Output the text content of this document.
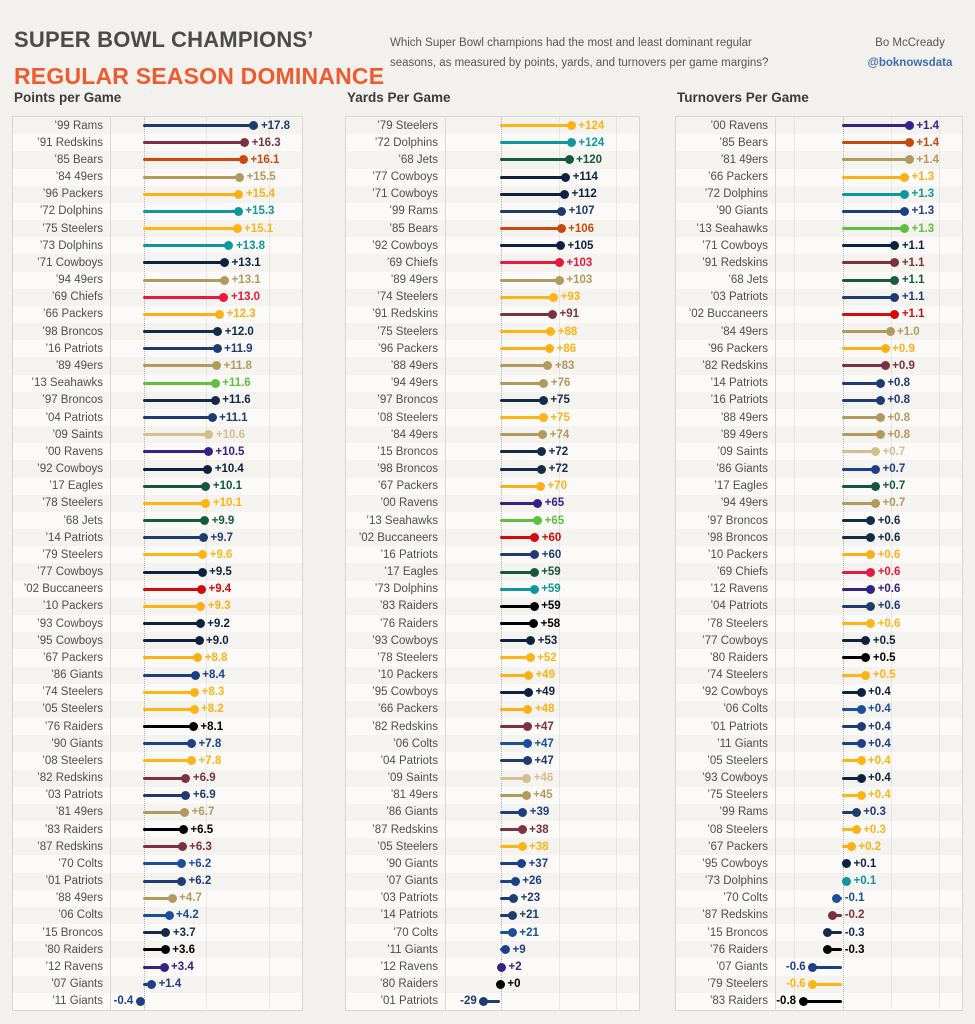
SUPER BOWL CHAMPIONS’
REGULAR SEASON DOMINANCE
Which Super Bowl champions had the most and least dominant regular
seasons, as measured by points, yards, and turnovers per game margins?
Bo McCready
@boknowsdata
Points per Game
’99 Rams	+17.8
’91 Redskins	+16.3
’85 Bears	+16.1
’84 49ers	+15.5
’96 Packers	+15.4
’72 Dolphins	+15.3
’75 Steelers	+15.1
’73 Dolphins	+13.8
’71 Cowboys	+13.1
’94 49ers	+13.1
’69 Chiefs	+13.0
’66 Packers	+12.3
’98 Broncos	+12.0
’16 Patriots	+11.9
’89 49ers	+11.8
’13 Seahawks	+11.6
’97 Broncos	+11.6
’04 Patriots	+11.1
’09 Saints	+10.6
’00 Ravens	+10.5
’92 Cowboys	+10.4
’17 Eagles	+10.1
’78 Steelers	+10.1
’68 Jets	+9.9
’14 Patriots	+9.7
’79 Steelers	+9.6
’77 Cowboys	+9.5
’02 Buccaneers	+9.4
’10 Packers	+9.3
’93 Cowboys	+9.2
’95 Cowboys	+9.0
’67 Packers	+8.8
’86 Giants	+8.4
’74 Steelers	+8.3
’05 Steelers	+8.2
’76 Raiders	+8.1
’90 Giants	+7.8
’08 Steelers	+7.8
’82 Redskins	+6.9
’03 Patriots	+6.9
’81 49ers	+6.7
’83 Raiders	+6.5
’87 Redskins	+6.3
’70 Colts	+6.2
’01 Patriots	+6.2
’88 49ers	+4.7
’06 Colts	+4.2
’15 Broncos	+3.7
’80 Raiders	+3.6
’12 Ravens	+3.4
’07 Giants	+1.4
’11 Giants -0.4
Yards Per Game
’79 Steelers	+124
’72 Dolphins	+124
’68 Jets	+120
’77 Cowboys	+114
’71 Cowboys	+112
’99 Rams	+107
’85 Bears	+106
’92 Cowboys	+105
’69 Chiefs	+103
’89 49ers	+103
’74 Steelers	+93
’91 Redskins	+91
’75 Steelers	+88
’96 Packers	+86
’88 49ers	+83
’94 49ers	+76
’97 Broncos	+75
’08 Steelers	+75
’84 49ers	+74
’15 Broncos	+72
’98 Broncos	+72
’67 Packers	+70
’00 Ravens	+65
’13 Seahawks	+65
’02 Buccaneers	+60
’16 Patriots	+60
’17 Eagles	+59
’73 Dolphins	+59
’83 Raiders	+59
’76 Raiders	+58
’93 Cowboys	+53
’78 Steelers	+52
’10 Packers	+49
’95 Cowboys	+49
’66 Packers	+48
’82 Redskins	+47
’06 Colts	+47
’04 Patriots	+47
’09 Saints	+46
’81 49ers	+45
’86 Giants	+39
’87 Redskins	+38
’05 Steelers	+38
’90 Giants	+37
’07 Giants	+26
’03 Patriots	+23
’14 Patriots	+21
’70 Colts	+21
’11 Giants	+9
’12 Ravens	+2
’80 Raiders	+0
’01 Patriots	-29
Turnovers Per Game
’00 Ravens	+1.4
’85 Bears	+1.4
’81 49ers	+1.4
’66 Packers	+1.3
’72 Dolphins	+1.3
’90 Giants	+1.3
’13 Seahawks	+1.3
’71 Cowboys	+1.1
’91 Redskins	+1.1
’68 Jets	+1.1
’03 Patriots	+1.1
’02 Buccaneers	+1.1
’84 49ers	+1.0
’96 Packers	+0.9
’82 Redskins	+0.9
’14 Patriots	+0.8
’16 Patriots	+0.8
’88 49ers	+0.8
’89 49ers	+0.8
’09 Saints	+0.7
’86 Giants	+0.7
’17 Eagles	+0.7
’94 49ers	+0.7
’97 Broncos	+0.6
’98 Broncos	+0.6
’10 Packers	+0.6
’69 Chiefs	+0.6
’12 Ravens	+0.6
’04 Patriots	+0.6
’78 Steelers	+0.6
’77 Cowboys	+0.5
’80 Raiders	+0.5
’74 Steelers	+0.5
’92 Cowboys	+0.4
’06 Colts	+0.4
’01 Patriots	+0.4
’11 Giants	+0.4
’05 Steelers	+0.4
’93 Cowboys	+0.4
’75 Steelers	+0.4
’99 Rams	+0.3
’08 Steelers	+0.3
’67 Packers	+0.2
’95 Cowboys	+0.1
’73 Dolphins	+0.1
’70 Colts	-0.1
’87 Redskins	-0.2
’15 Broncos	-0.3
’76 Raiders	-0.3
’07 Giants	-0.6
’79 Steelers	-0.6
’83 Raiders -0.8
